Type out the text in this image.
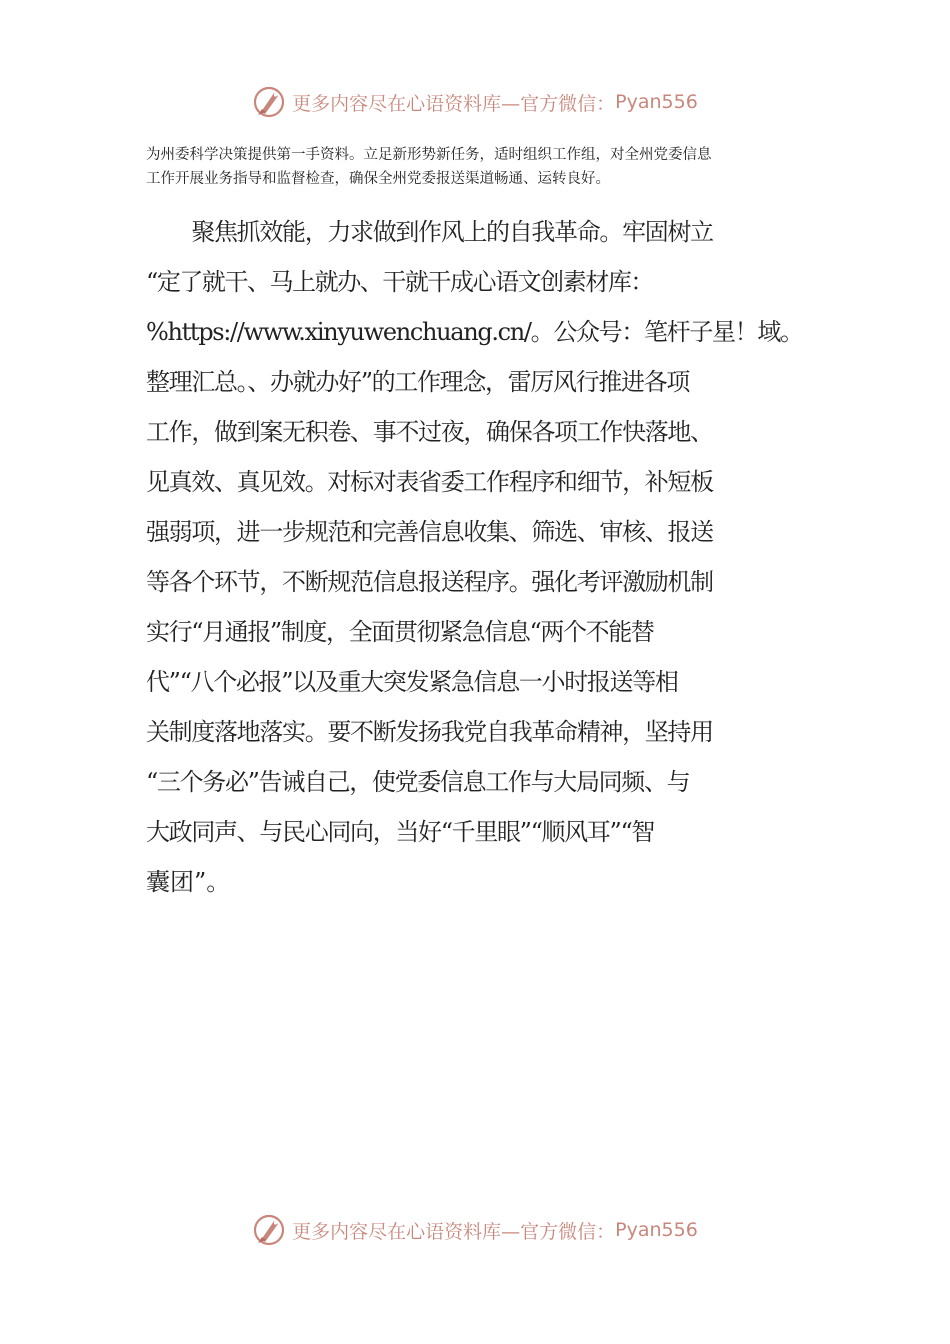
更多内容尽在心语资料库—官方微信： Pyan556
为州委科学决策提供第一手资料。立足新形势新任务，适时组织工作组，对全州党委信息
工作开展业务指导和监督检查，确保全州党委报送渠道畅通、运转良好。
　　聚焦抓效能，力求做到作风上的自我革命。牢固树立
“定了就干、马上就办、干就干成心语文创素材库：
%https://www.xinyuwenchuang.cn/。公众号：笔杆子星！域。
整理汇总。、办就办好”的工作理念，雷厉风行推进各项
工作，做到案无积卷、事不过夜，确保各项工作快落地、
见真效、真见效。对标对表省委工作程序和细节，补短板
强弱项，进一步规范和完善信息收集、筛选、审核、报送
等各个环节，不断规范信息报送程序。强化考评激励机制
实行“月通报”制度，全面贯彻紧急信息“两个不能替
代”“八个必报”以及重大突发紧急信息一小时报送等相
关制度落地落实。要不断发扬我党自我革命精神，坚持用
“三个务必”告诫自己，使党委信息工作与大局同频、与
大政同声、与民心同向，当好“千里眼”“顺风耳”“智
囊团”。
更多内容尽在心语资料库—官方微信： Pyan556
